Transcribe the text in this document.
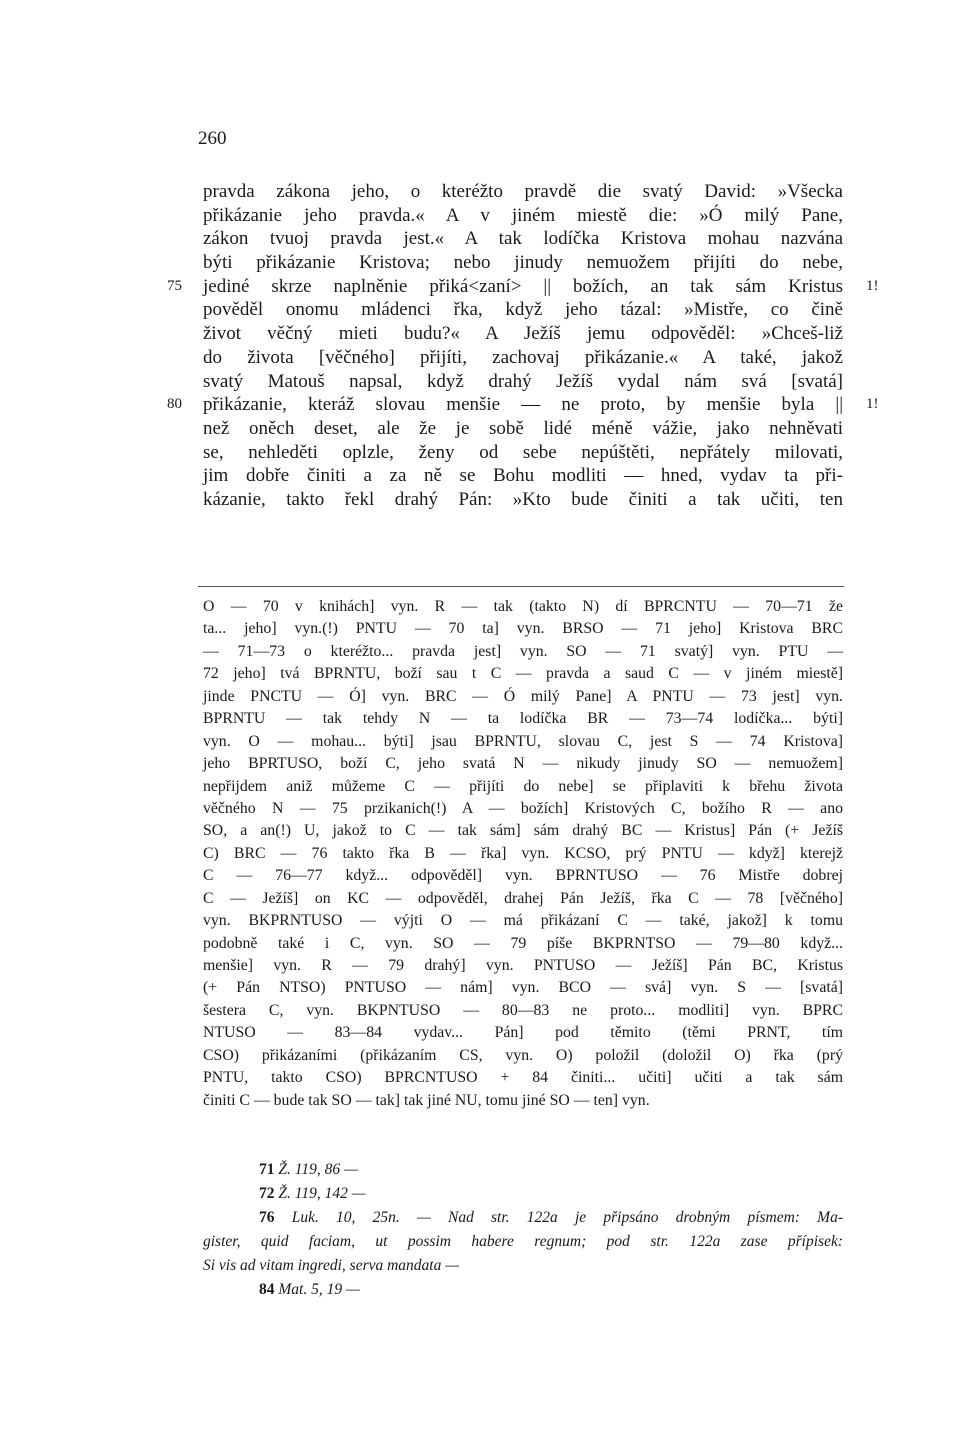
260
pravda zákona jeho, o kteréžto pravdě die svatý David: »Všecka
přikázanie jeho pravda.« A v jiném miestě die: »Ó milý Pane,
zákon tvuoj pravda jest.« A tak lodíčka Kristova mohau nazvána
býti přikázanie Kristova; nebo jinudy nemuožem přijíti do nebe,
jediné skrze naplněnie přiká<zaní> || božích, an tak sám Kristus
75	1!
pověděl onomu mládenci řka, když jeho tázal: »Mistře, co čině
život věčný mieti budu?« A Ježíš jemu odpověděl: »Chceš-liž
do života [věčného] přijíti, zachovaj přikázanie.« A také, jakož
svatý Matouš napsal, když drahý Ježíš vydal nám svá [svatá]
přikázanie, kteráž slovau menšie — ne proto, by menšie byla ||
80	1!
než oněch deset, ale že je sobě lidé méně vážie, jako nehněvati
se, nehleděti oplzle, ženy od sebe nepúštěti, nepřátely milovati,
jim dobře činiti a za ně se Bohu modliti — hned, vydav ta při-
kázanie, takto řekl drahý Pán: »Kto bude činiti a tak učiti, ten
O — 70 v knihách] vyn. R — tak (takto N) dí BPRCNTU — 70—71 že
ta... jeho] vyn.(!) PNTU — 70 ta] vyn. BRSO — 71 jeho] Kristova BRC
— 71—73 o kteréžto... pravda jest] vyn. SO — 71 svatý] vyn. PTU —
72 jeho] tvá BPRNTU, boží sau t C — pravda a saud C — v jiném miestě]
jinde PNCTU — Ó] vyn. BRC — Ó milý Pane] A PNTU — 73 jest] vyn.
BPRNTU — tak tehdy N — ta lodíčka BR — 73—74 lodíčka... býti]
vyn. O — mohau... býti] jsau BPRNTU, slovau C, jest S — 74 Kristova]
jeho BPRTUSO, boží C, jeho svatá N — nikudy jinudy SO — nemuožem]
nepřijdem aniž můžeme C — přijíti do nebe] se připlaviti k břehu života
věčného N — 75 przikanich(!) A — božích] Kristových C, božího R — ano
SO, a an(!) U, jakož to C — tak sám] sám drahý BC — Kristus] Pán (+ Ježíš
C) BRC — 76 takto řka B — řka] vyn. KCSO, prý PNTU — když] kterejž
C — 76—77 když... odpověděl] vyn. BPRNTUSO — 76 Mistře dobrej
C — Ježíš] on KC — odpověděl, drahej Pán Ježíš, řka C — 78 [věčného]
vyn. BKPRNTUSO — výjti O — má přikázaní C — také, jakož] k tomu
podobně také i C, vyn. SO — 79 píše BKPRNTSO — 79—80 když...
menšie] vyn. R — 79 drahý] vyn. PNTUSO — Ježíš] Pán BC, Kristus
(+ Pán NTSO) PNTUSO — nám] vyn. BCO — svá] vyn. S — [svatá]
šestera C, vyn. BKPNTUSO — 80—83 ne proto... modliti] vyn. BPRC
NTUSO — 83—84 vydav... Pán] pod těmito (těmi PRNT, tím
CSO) přikázaními (přikázaním CS, vyn. O) položil (doložil O) řka (prý
PNTU, takto CSO) BPRCNTUSO + 84 činiti... učiti] učiti a tak sám
činiti C — bude tak SO — tak] tak jiné NU, tomu jiné SO — ten] vyn.
71 Ž. 119, 86 —
72 Ž. 119, 142 —
76 Luk. 10, 25n. — Nad str. 122a je připsáno drobným písmem: Ma-
gister, quid faciam, ut possim habere regnum; pod str. 122a zase přípisek:
Si vis ad vitam ingredi, serva mandata —
84 Mat. 5, 19 —
